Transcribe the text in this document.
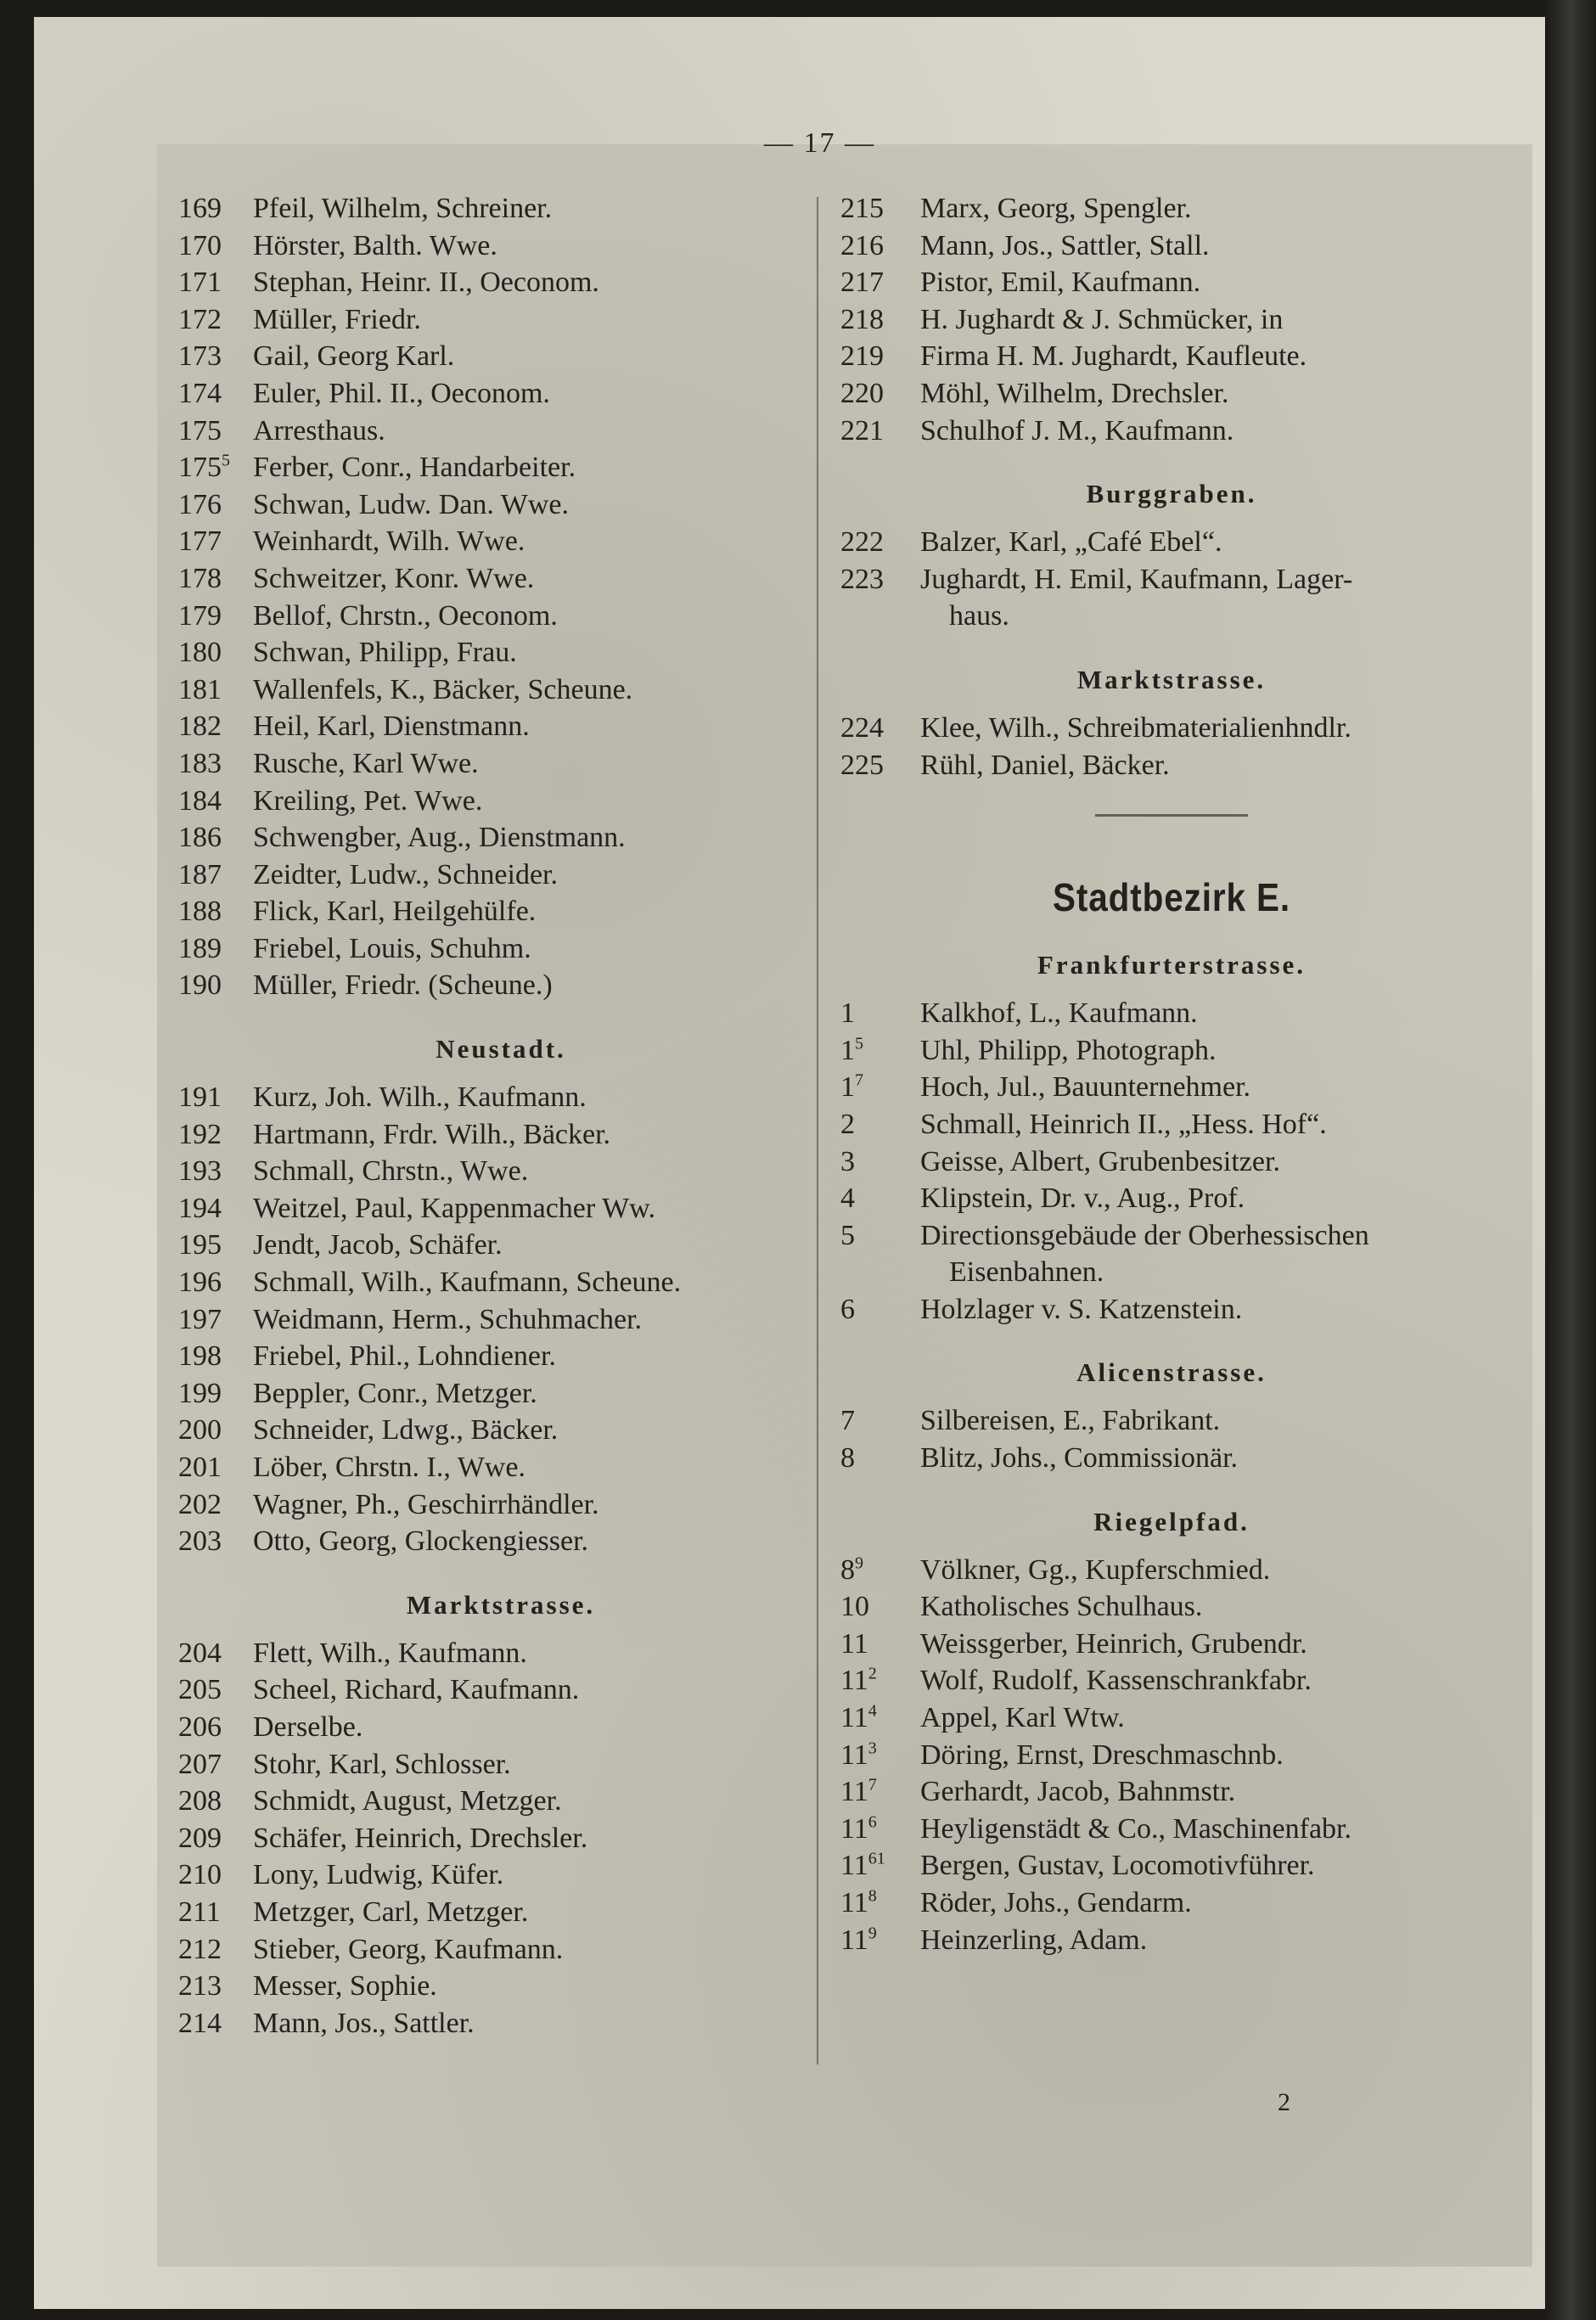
— 17 —
169 Pfeil, Wilhelm, Schreiner.
170 Hörster, Balth. Wwe.
171 Stephan, Heinr. II., Oeconom.
172 Müller, Friedr.
173 Gail, Georg Karl.
174 Euler, Phil. II., Oeconom.
175 Arresthaus.
$175^5$ Ferber, Conr., Handarbeiter.
176 Schwan, Ludw. Dan. Wwe.
177 Weinhardt, Wilh. Wwe.
178 Schweitzer, Konr. Wwe.
179 Bellof, Chrstn., Oeconom.
180 Schwan, Philipp, Frau.
181 Wallenfels, K., Bäcker, Scheune.
182 Heil, Karl, Dienstmann.
183 Rusche, Karl Wwe.
184 Kreiling, Pet. Wwe.
186 Schwengber, Aug., Dienstmann.
187 Zeidter, Ludw., Schneider.
188 Flick, Karl, Heilgehülfe.
189 Friebel, Louis, Schuhm.
190 Müller, Friedr. (Scheune.)
Neustadt.
191 Kurz, Joh. Wilh., Kaufmann.
192 Hartmann, Frdr. Wilh., Bäcker.
193 Schmall, Chrstn., Wwe.
194 Weitzel, Paul, Kappenmacher Ww.
195 Jendt, Jacob, Schäfer.
196 Schmall, Wilh., Kaufmann, Scheune.
197 Weidmann, Herm., Schuhmacher.
198 Friebel, Phil., Lohndiener.
199 Beppler, Conr., Metzger.
200 Schneider, Ldwg., Bäcker.
201 Löber, Chrstn. I., Wwe.
202 Wagner, Ph., Geschirrhändler.
203 Otto, Georg, Glockengiesser.
Marktstrasse.
204 Flett, Wilh., Kaufmann.
205 Scheel, Richard, Kaufmann.
206 Derselbe.
207 Stohr, Karl, Schlosser.
208 Schmidt, August, Metzger.
209 Schäfer, Heinrich, Drechsler.
210 Lony, Ludwig, Küfer.
211 Metzger, Carl, Metzger.
212 Stieber, Georg, Kaufmann.
213 Messer, Sophie.
214 Mann, Jos., Sattler.
215 Marx, Georg, Spengler.
216 Mann, Jos., Sattler, Stall.
217 Pistor, Emil, Kaufmann.
218 H. Jughardt & J. Schmücker, in
219 Firma H. M. Jughardt, Kaufleute.
220 Möhl, Wilhelm, Drechsler.
221 Schulhof J. M., Kaufmann.
Burggraben.
222 Balzer, Karl, „Café Ebel“.
223 Jughardt, H. Emil, Kaufmann, Lager-
haus.
Marktstrasse.
224 Klee, Wilh., Schreibmaterialienhndlr.
225 Rühl, Daniel, Bäcker.
Stadtbezirk E.
Frankfurterstrasse.
1 Kalkhof, L., Kaufmann.
$1^5$ Uhl, Philipp, Photograph.
$1^7$ Hoch, Jul., Bauunternehmer.
2 Schmall, Heinrich II., „Hess. Hof“.
3 Geisse, Albert, Grubenbesitzer.
4 Klipstein, Dr. v., Aug., Prof.
5 Directionsgebäude der Oberhessischen
Eisenbahnen.
6 Holzlager v. S. Katzenstein.
Alicenstrasse.
7 Silbereisen, E., Fabrikant.
8 Blitz, Johs., Commissionär.
Riegelpfad.
$8^9$ Völkner, Gg., Kupferschmied.
10 Katholisches Schulhaus.
11 Weissgerber, Heinrich, Grubendr.
$11^2$ Wolf, Rudolf, Kassenschrankfabr.
$11^4$ Appel, Karl Wtw.
$11^3$ Döring, Ernst, Dreschmaschnb.
$11^7$ Gerhardt, Jacob, Bahnmstr.
$11^6$ Heyligenstädt & Co., Maschinenfabr.
$11^{61}$ Bergen, Gustav, Locomotivführer.
$11^8$ Röder, Johs., Gendarm.
$11^9$ Heinzerling, Adam.
2
